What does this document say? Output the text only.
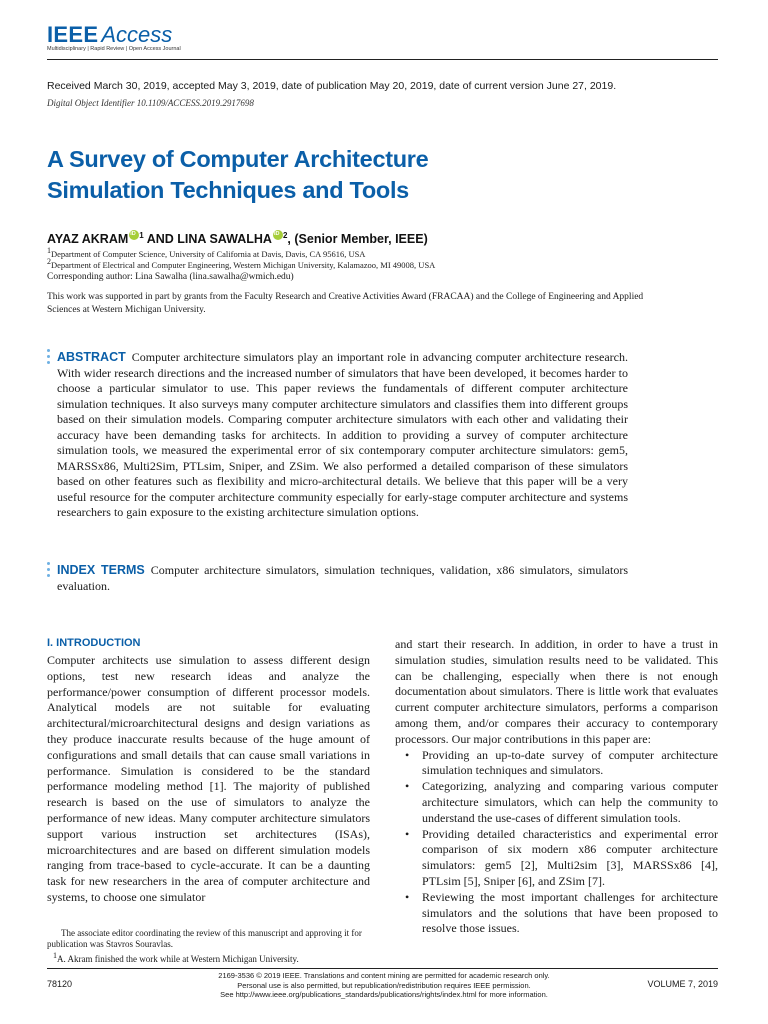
IEEE Access
Multidisciplinary | Rapid Review | Open Access Journal
Received March 30, 2019, accepted May 3, 2019, date of publication May 20, 2019, date of current version June 27, 2019.
Digital Object Identifier 10.1109/ACCESS.2019.2917698
A Survey of Computer Architecture
Simulation Techniques and Tools
AYAZ AKRAM iD $^1$ AND LINA SAWALHA iD $^2$, (Senior Member, IEEE)
$^1$Department of Computer Science, University of California at Davis, Davis, CA 95616, USA
$^2$Department of Electrical and Computer Engineering, Western Michigan University, Kalamazoo, MI 49008, USA
Corresponding author: Lina Sawalha (lina.sawalha@wmich.edu)
This work was supported in part by grants from the Faculty Research and Creative Activities Award (FRACAA) and the College of Engineering and Applied Sciences at Western Michigan University.
ABSTRACT Computer architecture simulators play an important role in advancing computer architecture research. With wider research directions and the increased number of simulators that have been developed, it becomes harder to choose a particular simulator to use. This paper reviews the fundamentals of different computer architecture simulation techniques. It also surveys many computer architecture simulators and classifies them into different groups based on their simulation models. Comparing computer architecture simulators with each other and validating their accuracy have been demanding tasks for architects. In addition to providing a survey of computer architecture simulation tools, we measured the experimental error of six contemporary computer architecture simulators: gem5, MARSSx86, Multi2Sim, PTLsim, Sniper, and ZSim. We also performed a detailed comparison of these simulators based on other features such as flexibility and micro-architectural details. We believe that this paper will be a very useful resource for the computer architecture community especially for early-stage computer architecture and systems researchers to gain exposure to the existing architecture simulation options.
INDEX TERMS Computer architecture simulators, simulation techniques, validation, x86 simulators, simulators evaluation.
I. INTRODUCTION
Computer architects use simulation to assess different design options, test new research ideas and analyze the performance/power consumption of different processor models. Analytical models are not suitable for evaluating architectural/microarchitectural designs and design variations as they produce inaccurate results because of the huge amount of configurations and small details that can cause small variations in performance. Simulation is considered to be the standard performance modeling method [1]. The majority of published research is based on the use of simulators to analyze the performance of new ideas. Many computer architecture simulators support various instruction set architectures (ISAs), microarchitectures and are based on different simulation models ranging from trace-based to cycle-accurate. It can be a daunting task for new researchers in the area of computer architecture and systems, to choose one simulator
and start their research. In addition, in order to have a trust in simulation studies, simulation results need to be validated. This can be challenging, especially when there is not enough documentation about simulators. There is little work that evaluates current computer architecture simulators, performs a comparison among them, and/or compares their accuracy to contemporary processors. Our major contributions in this paper are:
• Providing an up-to-date survey of computer architecture simulation techniques and simulators.
• Categorizing, analyzing and comparing various computer architecture simulators, which can help the community to understand the use-cases of different simulation tools.
• Providing detailed characteristics and experimental error comparison of six modern x86 computer architecture simulators: gem5 [2], Multi2sim [3], MARSSx86 [4], PTLsim [5], Sniper [6], and ZSim [7].
• Reviewing the most important challenges for architecture simulators and the solutions that have been proposed to resolve those issues.

The associate editor coordinating the review of this manuscript and approving it for publication was Stavros Souravlas.

$^1$A. Akram finished the work while at Western Michigan University.

78120
2169-3536 © 2019 IEEE. Translations and content mining are permitted for academic research only.
Personal use is also permitted, but republication/redistribution requires IEEE permission.
See http://www.ieee.org/publications_standards/publications/rights/index.html for more information.
VOLUME 7, 2019
